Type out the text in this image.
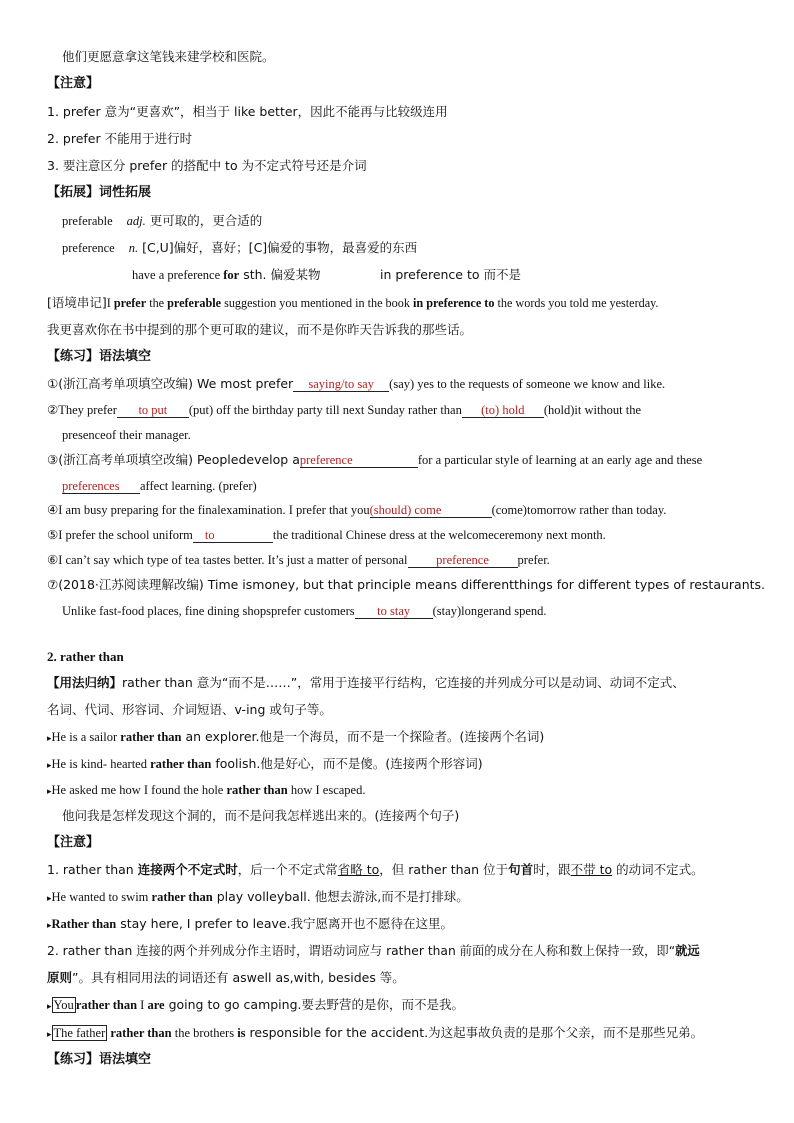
他们更愿意拿这笔钱来建学校和医院。
【注意】
1. prefer 意为“更喜欢”，相当于 like better，因此不能再与比较级连用
2. prefer 不能用于进行时
3. 要注意区分 prefer 的搭配中 to 为不定式符号还是介词
【拓展】词性拓展
preferable adj. 更可取的，更合适的
preference n. [C,U]偏好，喜好；[C]偏爱的事物，最喜爱的东西
have a preference for sth. 偏爱某物	in preference to 而不是
[语境串记]I prefer the preferable suggestion you mentioned in the book in preference to the words you told me yesterday.
我更喜欢你在书中提到的那个更可取的建议，而不是你昨天告诉我的那些话。
【练习】语法填空
①(浙江高考单项填空改编) We most prefer saying/to say (say) yes to the requests of someone we know and like.
②They prefer to put (put) off the birthday party till next Sunday rather than (to) hold (hold)it without the
presenceof their manager.
③(浙江高考单项填空改编) Peopledevelop apreference	for a particular style of learning at an early age and these
preferences affect learning. (prefer)
④I am busy preparing for the finalexamination. I prefer that you(should) come	(come)tomorrow rather than today.
⑤I prefer the school uniform to	the traditional Chinese dress at the welcomeceremony next month.
⑥I can’t say which type of tea tastes better. It’s just a matter of personal preference prefer.
⑦(2018·江苏阅读理解改编) Time ismoney, but that principle means differentthings for different types of restaurants.
Unlike fast-food places, fine dining shopsprefer customers to stay (stay)longerand spend.
2. rather than
【用法归纳】rather than 意为“而不是……”，常用于连接平行结构，它连接的并列成分可以是动词、动词不定式、
名词、代词、形容词、介词短语、v-ing 或句子等。
▸He is a sailor rather than an explorer.他是一个海员，而不是一个探险者。(连接两个名词)
▸He is kind- hearted rather than foolish.他是好心，而不是傻。(连接两个形容词)
▸He asked me how I found the hole rather than how I escaped.
他问我是怎样发现这个洞的，而不是问我怎样逃出来的。(连接两个句子)
【注意】
1. rather than 连接两个不定式时，后一个不定式常省略 to，但 rather than 位于句首时，跟不带 to 的动词不定式。
▸He wanted to swim rather than play volleyball. 他想去游泳,而不是打排球。
▸Rather than stay here, I prefer to leave.我宁愿离开也不愿待在这里。
2. rather than 连接的两个并列成分作主语时，谓语动词应与 rather than 前面的成分在人称和数上保持一致，即“就远
原则”。具有相同用法的词语还有 aswell as,with, besides 等。
▸ You rather than I are going to go camping.要去野营的是你，而不是我。
▸ The father rather than the brothers is responsible for the accident.为这起事故负责的是那个父亲，而不是那些兄弟。
【练习】语法填空
